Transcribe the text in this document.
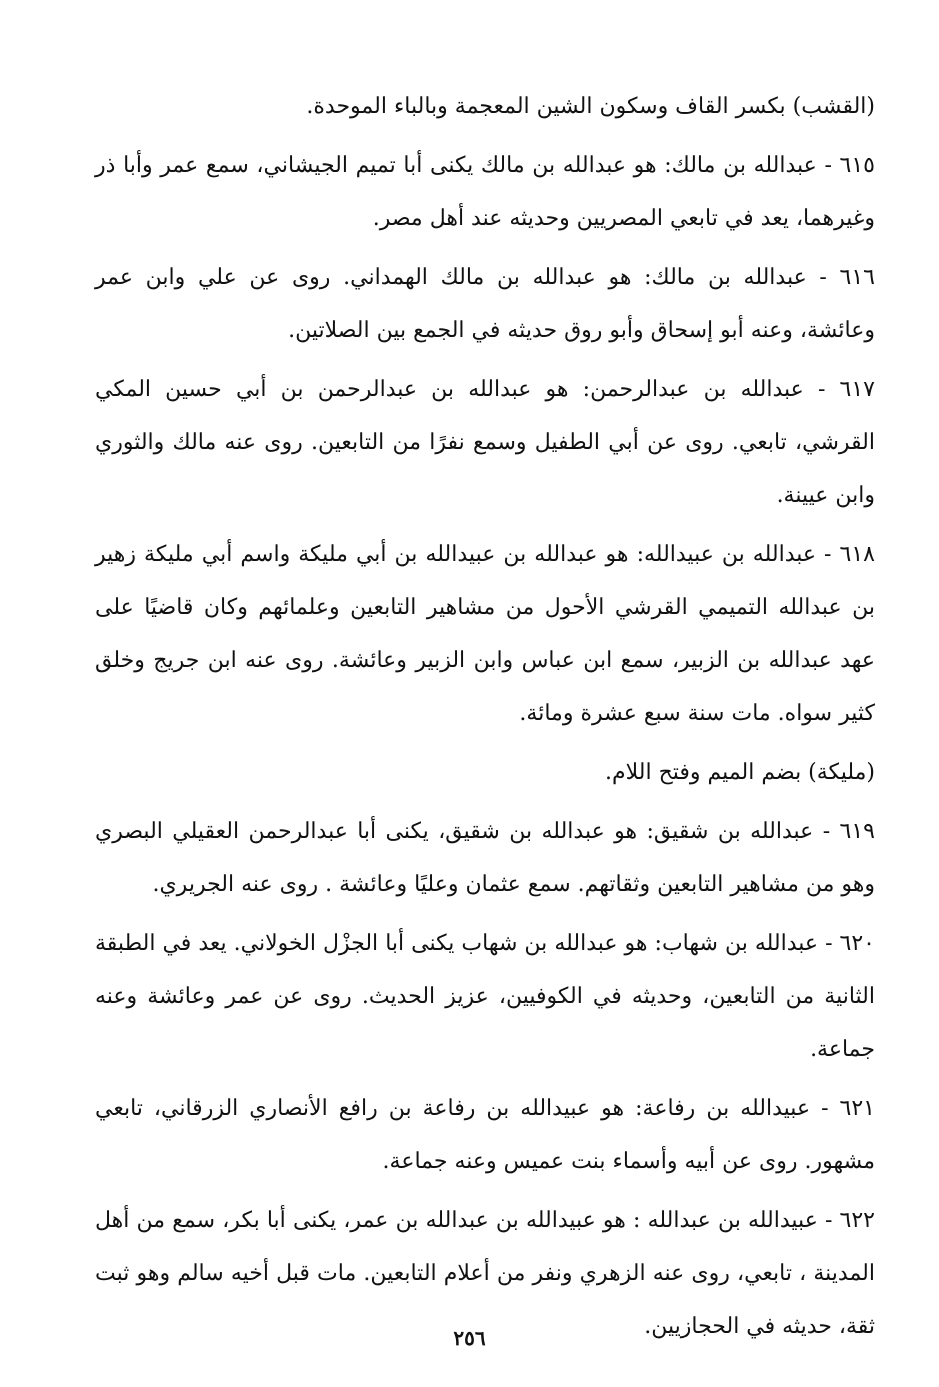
(القشب) بكسر القاف وسكون الشين المعجمة وبالباء الموحدة.

٦١٥ - عبدالله بن مالك: هو عبدالله بن مالك يكنى أبا تميم الجيشاني، سمع عمر وأبا ذر وغيرهما، يعد في تابعي المصريين وحديثه عند أهل مصر.

٦١٦ - عبدالله بن مالك: هو عبدالله بن مالك الهمداني. روى عن علي وابن عمر وعائشة، وعنه أبو إسحاق وأبو روق حديثه في الجمع بين الصلاتين.

٦١٧ - عبدالله بن عبدالرحمن: هو عبدالله بن عبدالرحمن بن أبي حسين المكي القرشي، تابعي. روى عن أبي الطفيل وسمع نفرًا من التابعين. روى عنه مالك والثوري وابن عيينة.

٦١٨ - عبدالله بن عبيدالله: هو عبدالله بن عبيدالله بن أبي مليكة واسم أبي مليكة زهير بن عبدالله التميمي القرشي الأحول من مشاهير التابعين وعلمائهم وكان قاضيًا على عهد عبدالله بن الزبير، سمع ابن عباس وابن الزبير وعائشة. روى عنه ابن جريج وخلق كثير سواه. مات سنة سبع عشرة ومائة.

(مليكة) بضم الميم وفتح اللام.

٦١٩ - عبدالله بن شقيق: هو عبدالله بن شقيق، يكنى أبا عبدالرحمن العقيلي البصري وهو من مشاهير التابعين وثقاتهم. سمع عثمان وعليًا وعائشة . روى عنه الجريري.

٦٢٠ - عبدالله بن شهاب: هو عبدالله بن شهاب يكنى أبا الجزْل الخولاني. يعد في الطبقة الثانية من التابعين، وحديثه في الكوفيين، عزيز الحديث. روى عن عمر وعائشة وعنه جماعة.

٦٢١ - عبيدالله بن رفاعة: هو عبيدالله بن رفاعة بن رافع الأنصاري الزرقاني، تابعي مشهور. روى عن أبيه وأسماء بنت عميس وعنه جماعة.

٦٢٢ - عبيدالله بن عبدالله : هو عبيدالله بن عبدالله بن عمر، يكنى أبا بكر، سمع من أهل المدينة ، تابعي، روى عنه الزهري ونفر من أعلام التابعين. مات قبل أخيه سالم وهو ثبت ثقة، حديثه في الحجازيين.

٢٥٦
